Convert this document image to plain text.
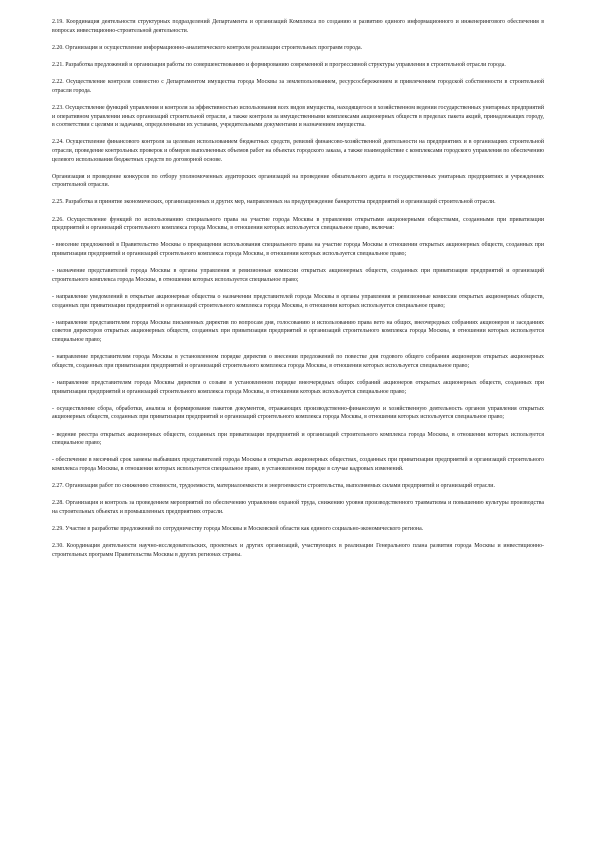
2.19. Координация деятельности структурных подразделений Департамента и организаций Комплекса по созданию и развитию единого информационного и инженерингового обеспечения в вопросах инвестиционно-строительной деятельности.

2.20. Организация и осуществление информационно-аналитического контроля реализации строительных программ города.

2.21. Разработка предложений и организация работы по совершенствованию и формированию современной и прогрессивной структуры управления в строительной отрасли города.

2.22. Осуществление контроля совместно с Департаментом имущества города Москвы за землепользованием, ресурсосбережением и привлечением городской собственности в строительной отрасли города.

2.23. Осуществление функций управления и контроля за эффективностью использования всех видов имущества, находящегося в хозяйственном ведении государственных унитарных предприятий и оперативном управлении иных организаций строительной отрасли, а также контроля за имущественными комплексами акционерных обществ в пределах пакета акций, принадлежащих городу, в соответствии с целями и задачами, определенными их уставами, учредительными документами и назначением имущества.

2.24. Осуществление финансового контроля за целевым использованием бюджетных средств, ревизий финансово-хозяйственной деятельности на предприятиях и в организациях строительной отрасли, проведение контрольных проверок и обмеров выполненных объемов работ на объектах городского заказа, а также взаимодействие с комплексами городского управления по обеспечению целевого использования бюджетных средств по договорной основе.

Организация и проведение конкурсов по отбору уполномоченных аудиторских организаций на проведение обязательного аудита в государственных унитарных предприятиях и учреждениях строительной отрасли.

2.25. Разработка и принятие экономических, организационных и других мер, направленных на предупреждение банкротства предприятий и организаций строительной отрасли.

2.26. Осуществление функций по использованию специального права на участие города Москвы в управлении открытыми акционерными обществами, созданными при приватизации предприятий и организаций строительного комплекса города Москвы, в отношении которых используется специальное право, включая:

- внесение предложений в Правительство Москвы о прекращении использования специального права на участие города Москвы в отношении открытых акционерных обществ, созданных при приватизации предприятий и организаций строительного комплекса города Москвы, в отношении которых используется специальное право;

- назначение представителей города Москвы в органы управления и ревизионные комиссии открытых акционерных обществ, созданных при приватизации предприятий и организаций строительного комплекса города Москвы, в отношении которых используется специальное право;

- направление уведомлений в открытые акционерные общества о назначении представителей города Москвы в органы управления и ревизионные комиссии открытых акционерных обществ, созданных при приватизации предприятий и организаций строительного комплекса города Москвы, в отношении которых используется специальное право;

- направление представителям города Москвы письменных директив по вопросам дня, голосованию и использованию права вето на общих, внеочередных собраниях акционеров и заседаниях советов директоров открытых акционерных обществ, созданных при приватизации предприятий и организаций строительного комплекса города Москвы, в отношении которых используется специальное право;

- направление представителям города Москвы в установленном порядке директив о внесении предложений по повестке дня годового общего собрания акционеров открытых акционерных обществ, созданных при приватизации предприятий и организаций строительного комплекса города Москвы, в отношении которых используется специальное право;

- направление представителям города Москвы директив о созыве в установленном порядке внеочередных общих собраний акционеров открытых акционерных обществ, созданных при приватизации предприятий и организаций строительного комплекса города Москвы, в отношении которых используется специальное право;

- осуществление сбора, обработки, анализа и формирование пакетов документов, отражающих производственно-финансовую и хозяйственную деятельность органов управления открытых акционерных обществ, созданных при приватизации предприятий и организаций строительного комплекса города Москвы, в отношении которых используется специальное право;

- ведение реестра открытых акционерных обществ, созданных при приватизации предприятий и организаций строительного комплекса города Москвы, в отношении которых используется специальное право;

- обеспечение в месячный срок замены выбывших представителей города Москвы в открытых акционерных обществах, созданных при приватизации предприятий и организаций строительного комплекса города Москвы, в отношении которых используется специальное право, в установленном порядке в случае кадровых изменений.

2.27. Организация работ по снижению стоимости, трудоемкости, материалоемкости и энергоемкости строительства, выполняемых силами предприятий и организаций отрасли.

2.28. Организация и контроль за проведением мероприятий по обеспечению управления охраной труда, снижению уровня производственного травматизма и повышению культуры производства на строительных объектах и промышленных предприятиях отрасли.

2.29. Участие в разработке предложений по сотрудничеству города Москвы и Московской области как единого социально-экономического региона.

2.30. Координация деятельности научно-исследовательских, проектных и других организаций, участвующих в реализации Генерального плана развития города Москвы и инвестиционно-строительных программ Правительства Москвы в других регионах страны.
